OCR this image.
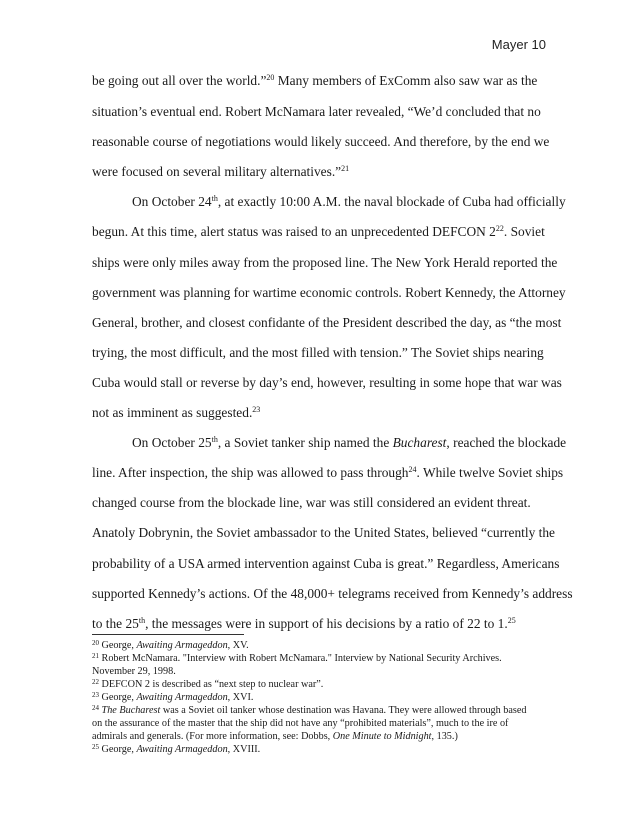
Mayer 10
be going out all over the world.”$^{20}$ Many members of ExComm also saw war as the
situation’s eventual end. Robert McNamara later revealed, “We’d concluded that no
reasonable course of negotiations would likely succeed. And therefore, by the end we
were focused on several military alternatives.”$^{21}$
On October 24th, at exactly 10:00 A.M. the naval blockade of Cuba had officially
begun. At this time, alert status was raised to an unprecedented DEFCON $2^{22}$. Soviet
ships were only miles away from the proposed line. The New York Herald reported the
government was planning for wartime economic controls. Robert Kennedy, the Attorney
General, brother, and closest confidante of the President described the day, as “the most
trying, the most difficult, and the most filled with tension.” The Soviet ships nearing
Cuba would stall or reverse by day’s end, however, resulting in some hope that war was
not as imminent as suggested.$^{23}$
On October 25th, a Soviet tanker ship named the Bucharest, reached the blockade
line. After inspection, the ship was allowed to pass through$^{24}$. While twelve Soviet ships
changed course from the blockade line, war was still considered an evident threat.
Anatoly Dobrynin, the Soviet ambassador to the United States, believed “currently the
probability of a USA armed intervention against Cuba is great.” Regardless, Americans
supported Kennedy’s actions. Of the 48,000+ telegrams received from Kennedy’s address
to the 25th, the messages were in support of his decisions by a ratio of 22 to 1.25
$^{20}$ George, Awaiting Armageddon, XV.
$^{21}$ Robert McNamara. "Interview with Robert McNamara." Interview by National Security Archives.
November 29, 1998.
$^{22}$ DEFCON 2 is described as “next step to nuclear war”.
$^{23}$ George, Awaiting Armageddon, XVI.
$^{24}$ The Bucharest was a Soviet oil tanker whose destination was Havana. They were allowed through based
on the assurance of the master that the ship did not have any “prohibited materials”, much to the ire of
admirals and generals. (For more information, see: Dobbs, One Minute to Midnight, 135.)
$^{25}$ George, Awaiting Armageddon, XVIII.
